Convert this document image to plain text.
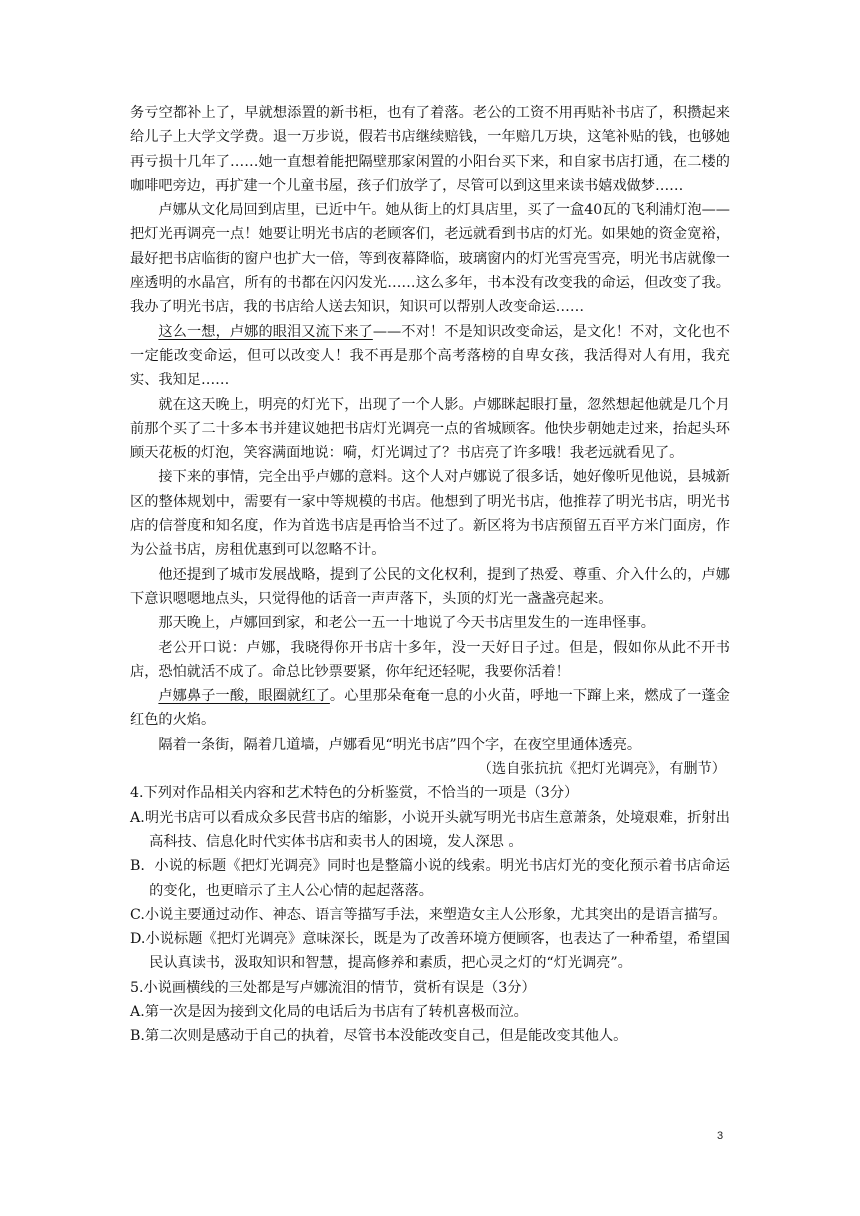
务亏空都补上了，早就想添置的新书柜，也有了着落。老公的工资不用再贴补书店了，积攒起来给儿子上大学文学费。退一万步说，假若书店继续赔钱，一年赔几万块，这笔补贴的钱，也够她再亏损十几年了……她一直想着能把隔壁那家闲置的小阳台买下来，和自家书店打通，在二楼的咖啡吧旁边，再扩建一个儿童书屋，孩子们放学了，尽管可以到这里来读书嬉戏做梦……

卢娜从文化局回到店里，已近中午。她从街上的灯具店里，买了一盒40瓦的飞利浦灯泡——把灯光再调亮一点！她要让明光书店的老顾客们，老远就看到书店的灯光。如果她的资金宽裕，最好把书店临街的窗户也扩大一倍，等到夜幕降临，玻璃窗内的灯光雪亮雪亮，明光书店就像一座透明的水晶宫，所有的书都在闪闪发光……这么多年，书本没有改变我的命运，但改变了我。我办了明光书店，我的书店给人送去知识，知识可以帮别人改变命运……

这么一想，卢娜的眼泪又流下来了——不对！不是知识改变命运，是文化！不对，文化也不一定能改变命运，但可以改变人！我不再是那个高考落榜的自卑女孩，我活得对人有用，我充实、我知足……

就在这天晚上，明亮的灯光下，出现了一个人影。卢娜眯起眼打量，忽然想起他就是几个月前那个买了二十多本书并建议她把书店灯光调亮一点的省城顾客。他快步朝她走过来，抬起头环顾天花板的灯泡，笑容满面地说：嗬，灯光调过了？书店亮了许多哦！我老远就看见了。

接下来的事情，完全出乎卢娜的意料。这个人对卢娜说了很多话，她好像听见他说，县城新区的整体规划中，需要有一家中等规模的书店。他想到了明光书店，他推荐了明光书店，明光书店的信誉度和知名度，作为首选书店是再恰当不过了。新区将为书店预留五百平方米门面房，作为公益书店，房租优惠到可以忽略不计。

他还提到了城市发展战略，提到了公民的文化权利，提到了热爱、尊重、介入什么的，卢娜下意识嗯嗯地点头，只觉得他的话音一声声落下，头顶的灯光一盏盏亮起来。

那天晚上，卢娜回到家，和老公一五一十地说了今天书店里发生的一连串怪事。

老公开口说：卢娜，我晓得你开书店十多年，没一天好日子过。但是，假如你从此不开书店，恐怕就活不成了。命总比钞票要紧，你年纪还轻呢，我要你活着！

卢娜鼻子一酸，眼圈就红了。心里那朵奄奄一息的小火苗，呼地一下蹿上来，燃成了一蓬金红色的火焰。

隔着一条街，隔着几道墙，卢娜看见“明光书店”四个字，在夜空里通体透亮。

（选自张抗抗《把灯光调亮》，有删节）

4.下列对作品相关内容和艺术特色的分析鉴赏，不恰当的一项是（3分）

A.明光书店可以看成众多民营书店的缩影，小说开头就写明光书店生意萧条，处境艰难，折射出高科技、信息化时代实体书店和卖书人的困境，发人深思 。

B.  小说的标题《把灯光调亮》同时也是整篇小说的线索。明光书店灯光的变化预示着书店命运的变化，也更暗示了主人公心情的起起落落。

C.小说主要通过动作、神态、语言等描写手法，来塑造女主人公形象，尤其突出的是语言描写。

D.小说标题《把灯光调亮》意味深长，既是为了改善环境方便顾客，也表达了一种希望，希望国民认真读书，汲取知识和智慧，提高修养和素质，把心灵之灯的“灯光调亮”。

5.小说画横线的三处都是写卢娜流泪的情节，赏析有误是（3分）

A.第一次是因为接到文化局的电话后为书店有了转机喜极而泣。

B.第二次则是感动于自己的执着，尽管书本没能改变自己，但是能改变其他人。

3
